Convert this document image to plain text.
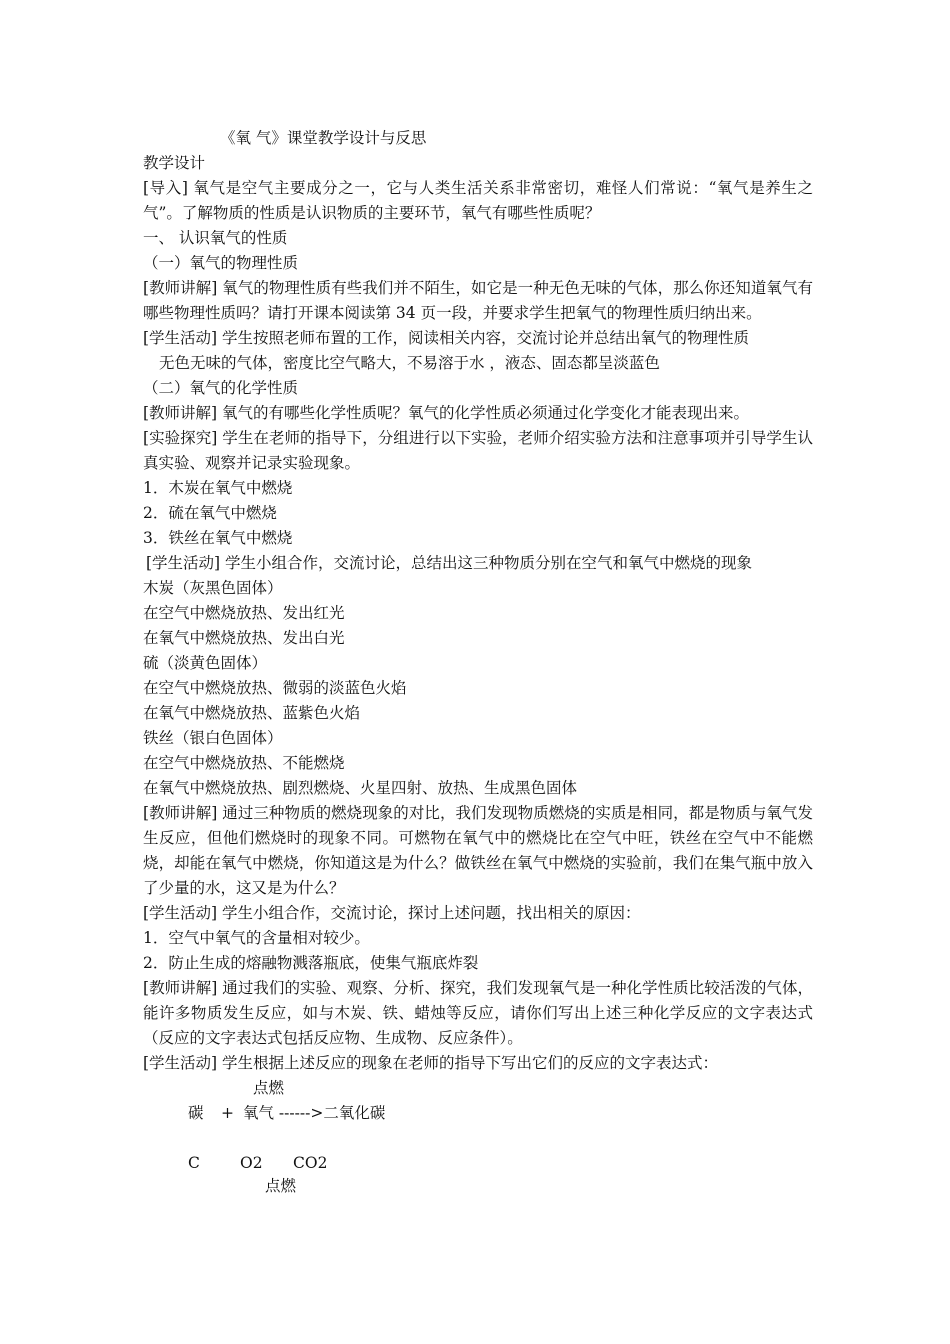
《氧 气》课堂教学设计与反思
教学设计
[导入] 氧气是空气主要成分之一，它与人类生活关系非常密切，难怪人们常说：“氧气是养生之气”。了解物质的性质是认识物质的主要环节，氧气有哪些性质呢？
一、 认识氧气的性质
（一）氧气的物理性质
[教师讲解] 氧气的物理性质有些我们并不陌生，如它是一种无色无味的气体，那么你还知道氧气有哪些物理性质吗？请打开课本阅读第 34 页一段，并要求学生把氧气的物理性质归纳出来。
[学生活动] 学生按照老师布置的工作，阅读相关内容，交流讨论并总结出氧气的物理性质
无色无味的气体，密度比空气略大，不易溶于水 ，液态、固态都呈淡蓝色
（二）氧气的化学性质
[教师讲解] 氧气的有哪些化学性质呢？氧气的化学性质必须通过化学变化才能表现出来。
[实验探究] 学生在老师的指导下，分组进行以下实验，老师介绍实验方法和注意事项并引导学生认真实验、观察并记录实验现象。
1．木炭在氧气中燃烧
2．硫在氧气中燃烧
3．铁丝在氧气中燃烧
[学生活动] 学生小组合作，交流讨论，总结出这三种物质分别在空气和氧气中燃烧的现象
木炭（灰黑色固体）
在空气中燃烧放热、发出红光
在氧气中燃烧放热、发出白光
硫（淡黄色固体）
在空气中燃烧放热、微弱的淡蓝色火焰
在氧气中燃烧放热、蓝紫色火焰
铁丝（银白色固体）
在空气中燃烧放热、不能燃烧
在氧气中燃烧放热、剧烈燃烧、火星四射、放热、生成黑色固体
[教师讲解] 通过三种物质的燃烧现象的对比，我们发现物质燃烧的实质是相同，都是物质与氧气发生反应，但他们燃烧时的现象不同。可燃物在氧气中的燃烧比在空气中旺，铁丝在空气中不能燃烧，却能在氧气中燃烧，你知道这是为什么？做铁丝在氧气中燃烧的实验前，我们在集气瓶中放入了少量的水，这又是为什么？
[学生活动] 学生小组合作，交流讨论，探讨上述问题，找出相关的原因：
1．空气中氧气的含量相对较少。
2．防止生成的熔融物溅落瓶底，使集气瓶底炸裂
[教师讲解] 通过我们的实验、观察、分析、探究，我们发现氧气是一种化学性质比较活泼的气体，能许多物质发生反应，如与木炭、铁、蜡烛等反应，请你们写出上述三种化学反应的文字表达式（反应的文字表达式包括反应物、生成物、反应条件）。
[学生活动] 学生根据上述反应的现象在老师的指导下写出它们的反应的文字表达式：
点燃
碳 + 氧气 ------>二氧化碳
C	O2 CO2
点燃
